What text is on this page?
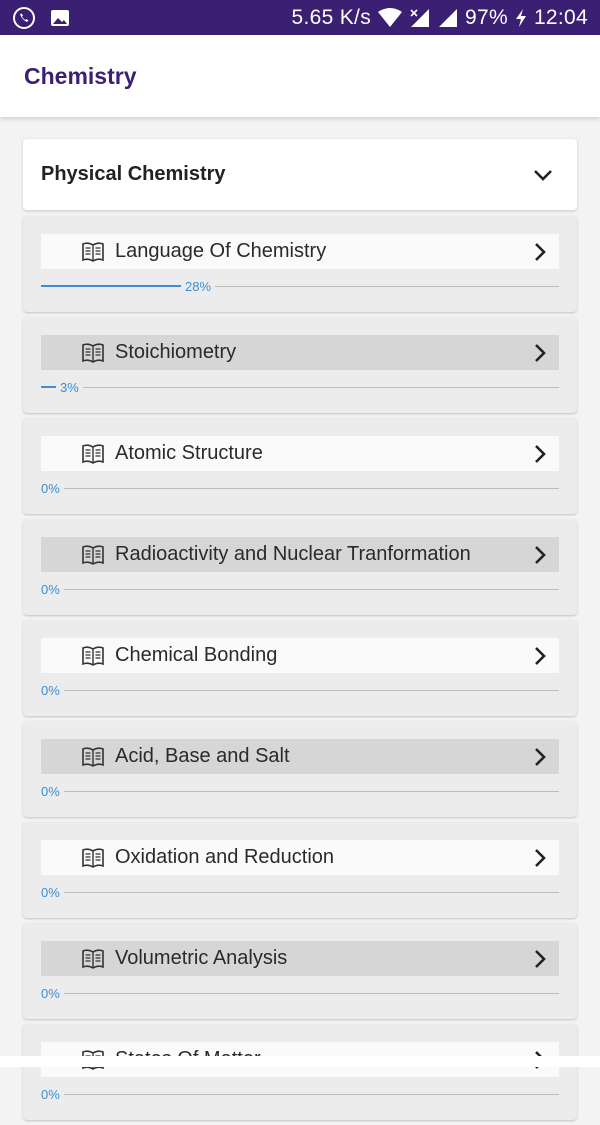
5.65 K/s	97% 12:04
Chemistry
Physical Chemistry
Language Of Chemistry
28%
Stoichiometry
3%
Atomic Structure
0%
Radioactivity and Nuclear Tranformation
0%
Chemical Bonding
0%
Acid, Base and Salt
0%
Oxidation and Reduction
0%
Volumetric Analysis
0%
0%
